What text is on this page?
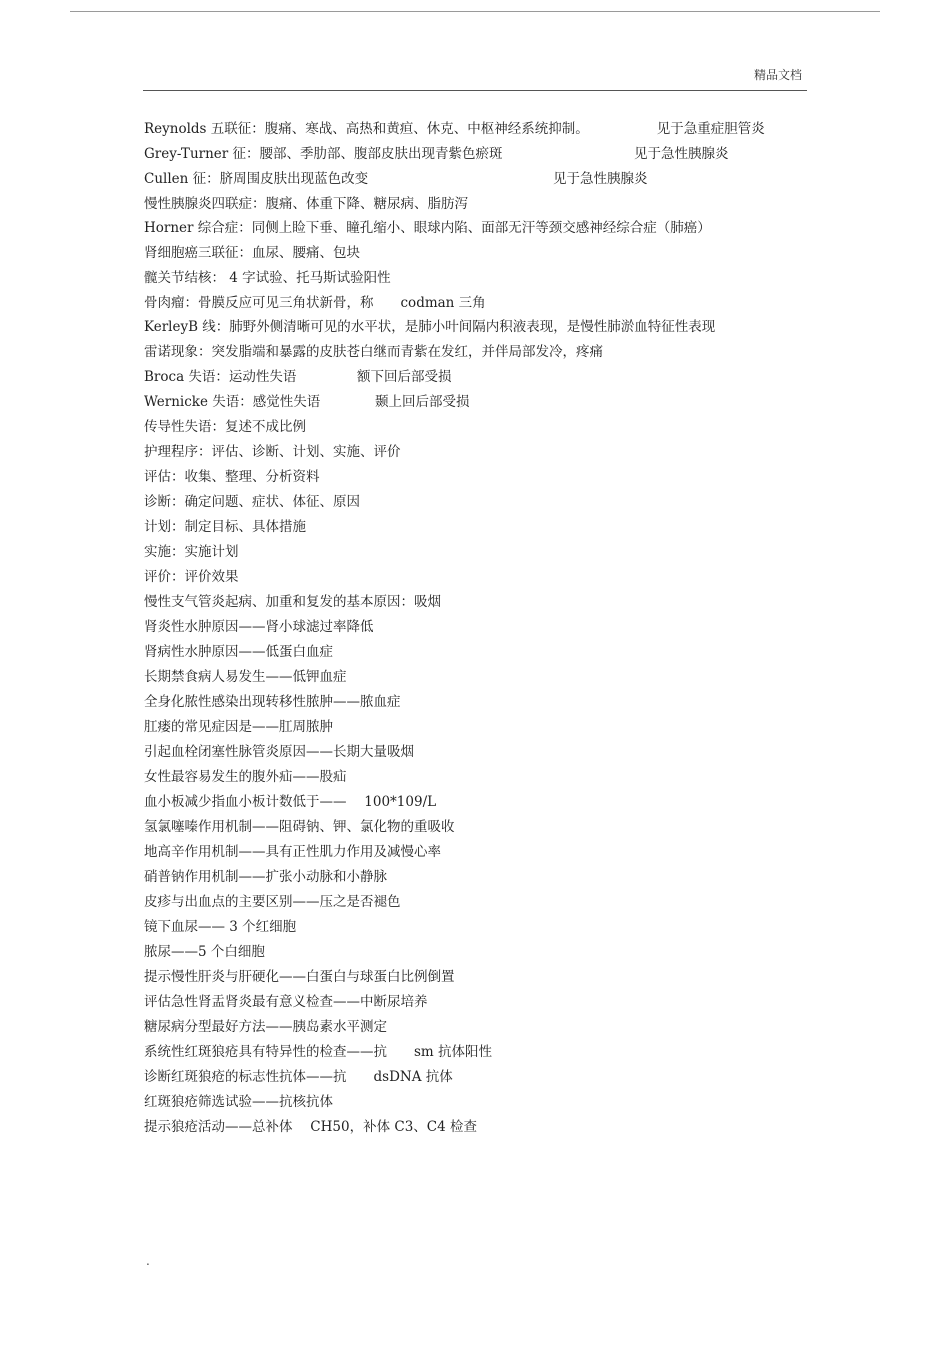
精品文档
Reynolds 五联征：腹痛、寒战、高热和黄疸、休克、中枢神经系统抑制。	见于急重症胆管炎
Grey-Turner 征：腰部、季肋部、腹部皮肤出现青紫色瘀斑	见于急性胰腺炎
Cullen 征：脐周围皮肤出现蓝色改变	见于急性胰腺炎
慢性胰腺炎四联症：腹痛、体重下降、糖尿病、脂肪泻
Horner 综合症：同侧上睑下垂、瞳孔缩小、眼球内陷、面部无汗等颈交感神经综合症（肺癌）
肾细胞癌三联征：血尿、腰痛、包块
髋关节结核： 4 字试验、托马斯试验阳性
骨肉瘤：骨膜反应可见三角状新骨，称　　codman 三角
KerleyB 线：肺野外侧清晰可见的水平状，是肺小叶间隔内积液表现，是慢性肺淤血特征性表现
雷诺现象：突发脂端和暴露的皮肤苍白继而青紫在发红，并伴局部发冷，疼痛
Broca 失语：运动性失语	额下回后部受损
Wernicke 失语：感觉性失语	颞上回后部受损
传导性失语：复述不成比例
护理程序：评估、诊断、计划、实施、评价
评估：收集、整理、分析资料
诊断：确定问题、症状、体征、原因
计划：制定目标、具体措施
实施：实施计划
评价：评价效果
慢性支气管炎起病、加重和复发的基本原因：吸烟
肾炎性水肿原因——肾小球滤过率降低
肾病性水肿原因——低蛋白血症
长期禁食病人易发生——低钾血症
全身化脓性感染出现转移性脓肿——脓血症
肛瘘的常见症因是——肛周脓肿
引起血栓闭塞性脉管炎原因——长期大量吸烟
女性最容易发生的腹外疝——股疝
血小板减少指血小板计数低于——　 100*109/L
氢氯噻嗪作用机制——阻碍钠、钾、氯化物的重吸收
地高辛作用机制——具有正性肌力作用及减慢心率
硝普钠作用机制——扩张小动脉和小静脉
皮疹与出血点的主要区别——压之是否褪色
镜下血尿—— 3 个红细胞
脓尿——5 个白细胞
提示慢性肝炎与肝硬化——白蛋白与球蛋白比例倒置
评估急性肾盂肾炎最有意义检查——中断尿培养
糖尿病分型最好方法——胰岛素水平测定
系统性红斑狼疮具有特异性的检查——抗　　sm 抗体阳性
诊断红斑狼疮的标志性抗体——抗　　dsDNA 抗体
红斑狼疮筛选试验——抗核抗体
提示狼疮活动——总补体　 CH50，补体 C3、C4 检查
.
